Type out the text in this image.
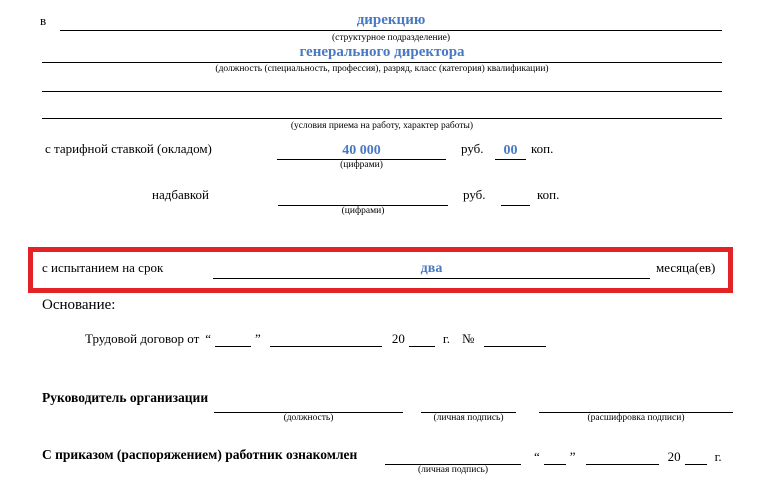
в	дирекцию
(структурное подразделение)
генерального директора
(должность (специальность, профессия), разряд, класс (категория) квалификации)
(условия приема на работу, характер работы)
с тарифной ставкой (окладом)	40 000
(цифрами)
руб.	00	коп.
надбавкой
(цифрами)
руб.	коп.
с испытанием на срок	два	месяца(ев)
Основание:
Трудовой договор от “	”	20	г. №
Руководитель организации
(должность)	(личная подпись)	(расшифровка подписи)
С приказом (распоряжением) работник ознакомлен
(личная подпись)
“ ”	20	г.
